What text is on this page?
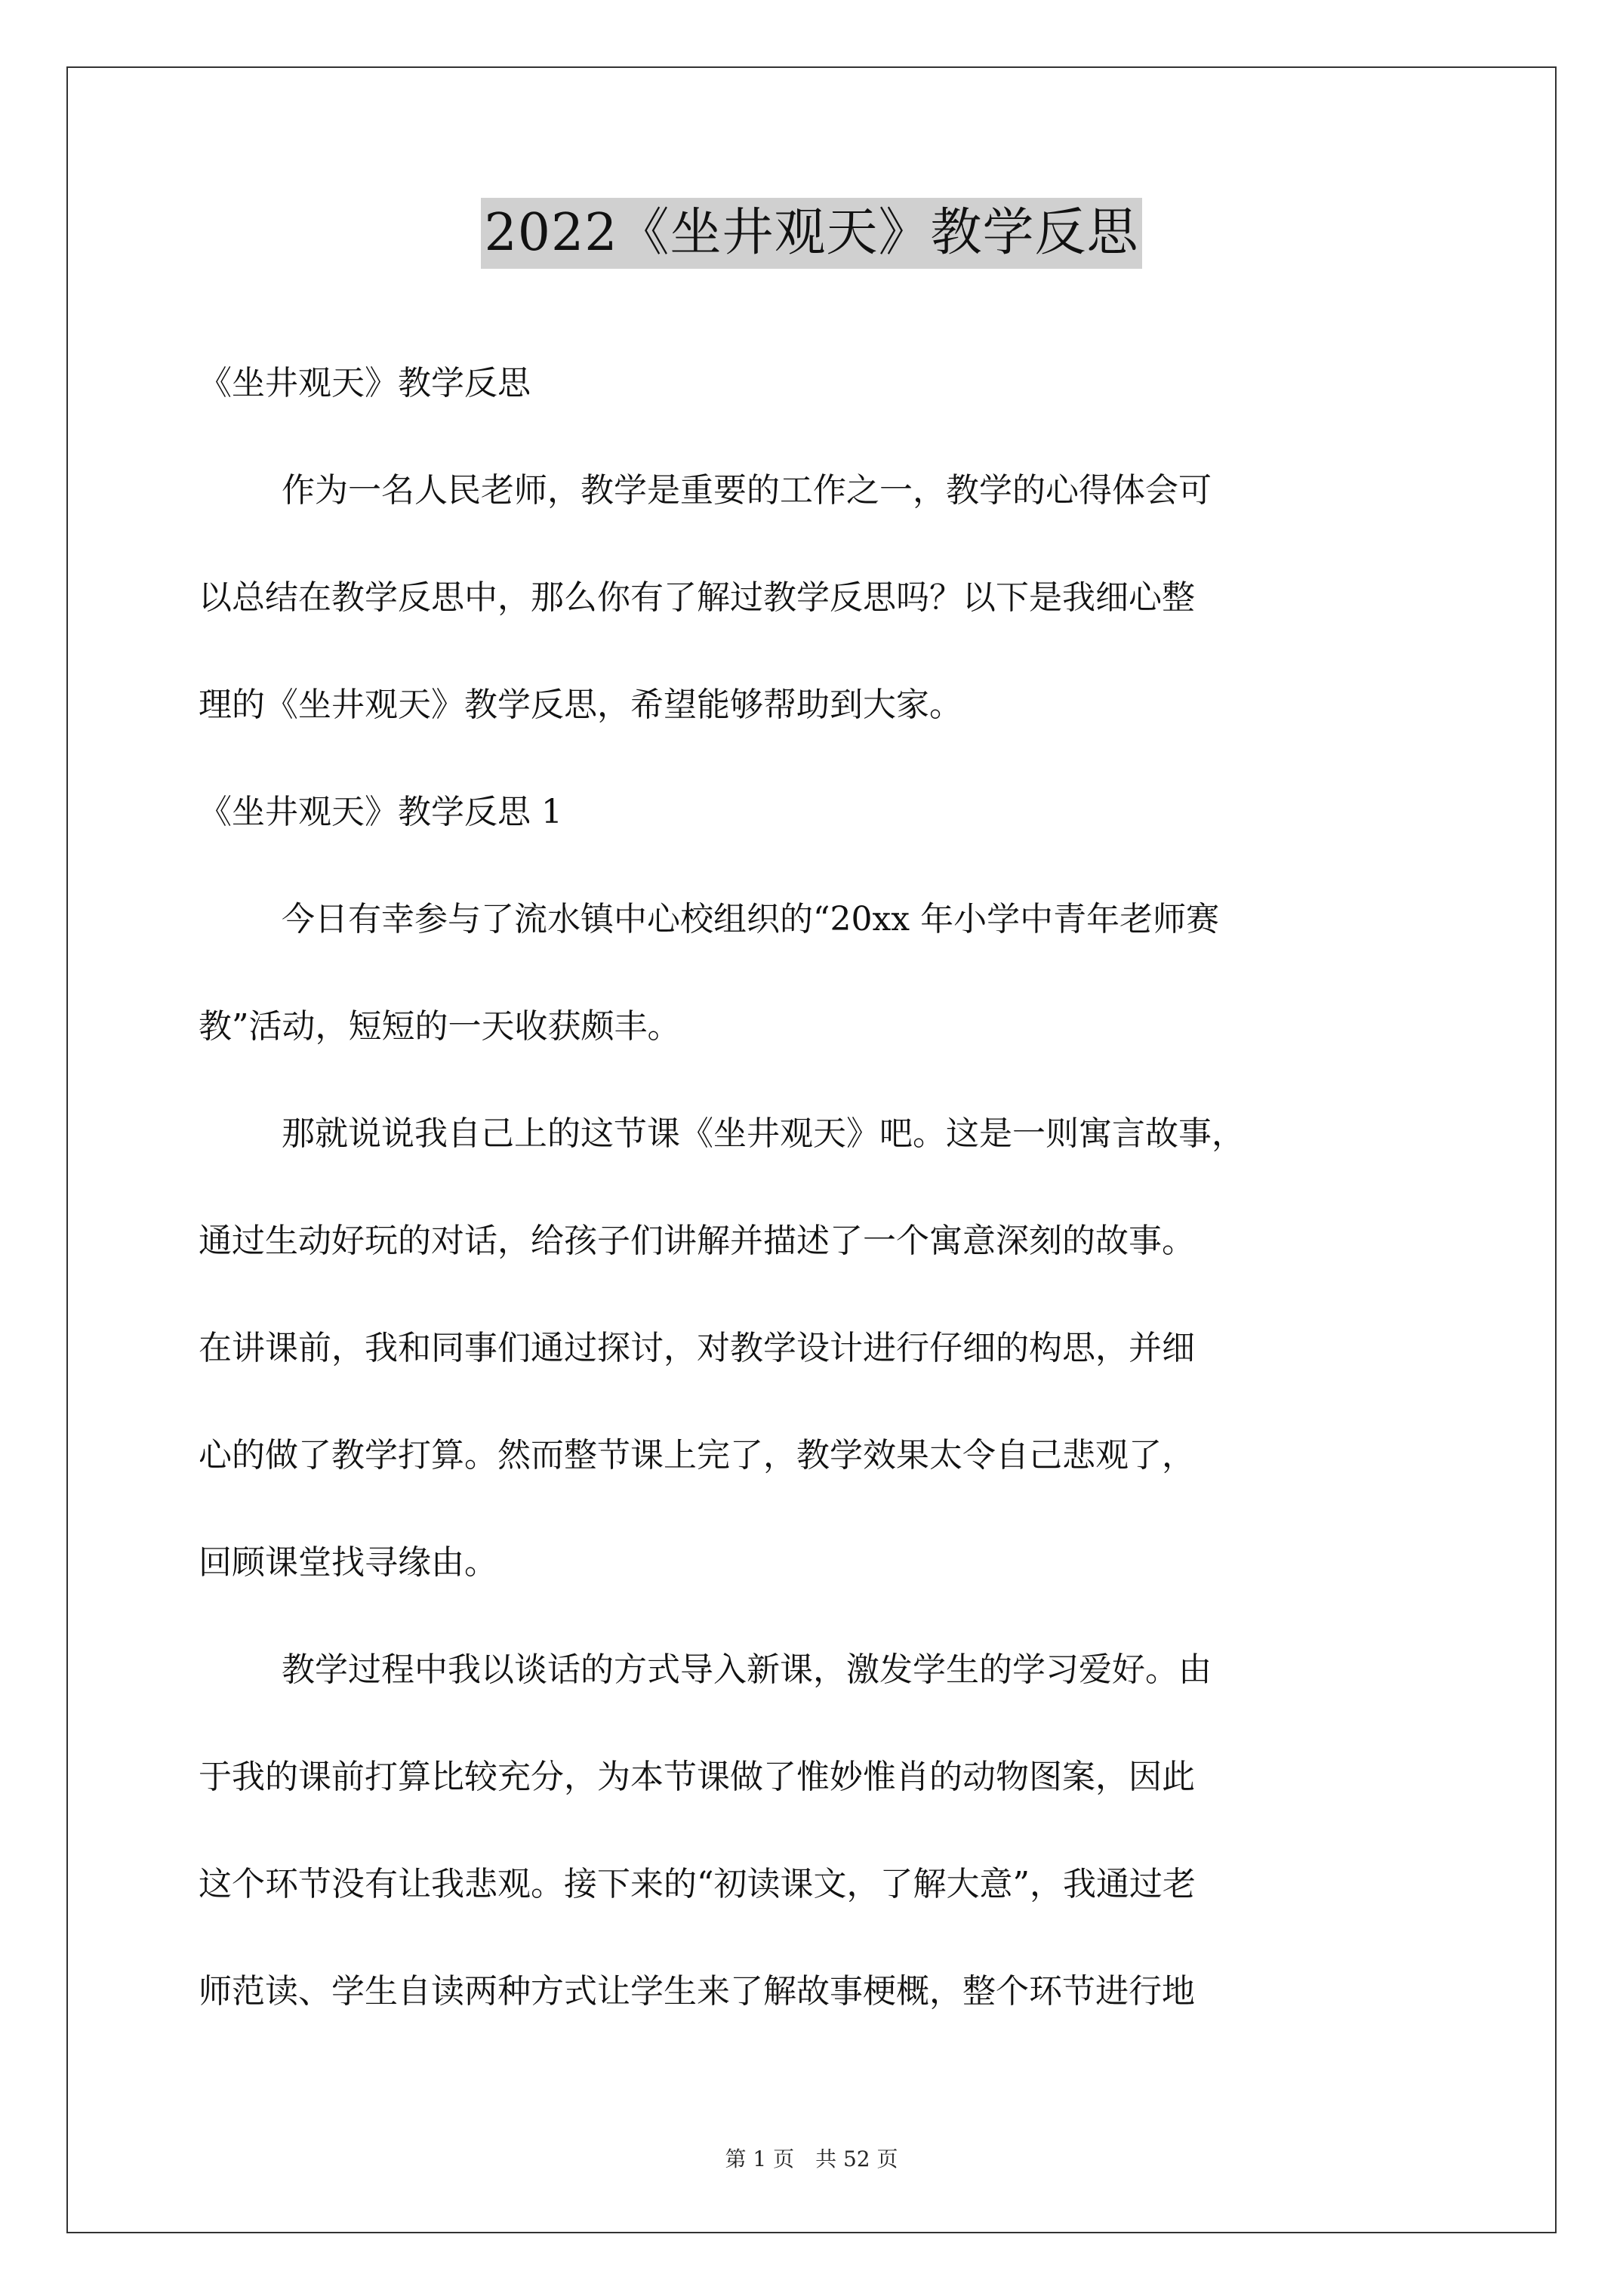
2022《坐井观天》教学反思
《坐井观天》教学反思
作为一名人民老师，教学是重要的工作之一，教学的心得体会可
以总结在教学反思中，那么你有了解过教学反思吗？以下是我细心整
理的《坐井观天》教学反思，希望能够帮助到大家。
《坐井观天》教学反思 1
今日有幸参与了流水镇中心校组织的“20xx 年小学中青年老师赛
教”活动，短短的一天收获颇丰。
那就说说我自己上的这节课《坐井观天》吧。这是一则寓言故事，
通过生动好玩的对话，给孩子们讲解并描述了一个寓意深刻的故事。
在讲课前，我和同事们通过探讨，对教学设计进行仔细的构思，并细
心的做了教学打算。然而整节课上完了，教学效果太令自己悲观了，
回顾课堂找寻缘由。
教学过程中我以谈话的方式导入新课，激发学生的学习爱好。由
于我的课前打算比较充分，为本节课做了惟妙惟肖的动物图案，因此
这个环节没有让我悲观。接下来的“初读课文，了解大意”，我通过老
师范读、学生自读两种方式让学生来了解故事梗概，整个环节进行地
第 1 页　共 52 页
